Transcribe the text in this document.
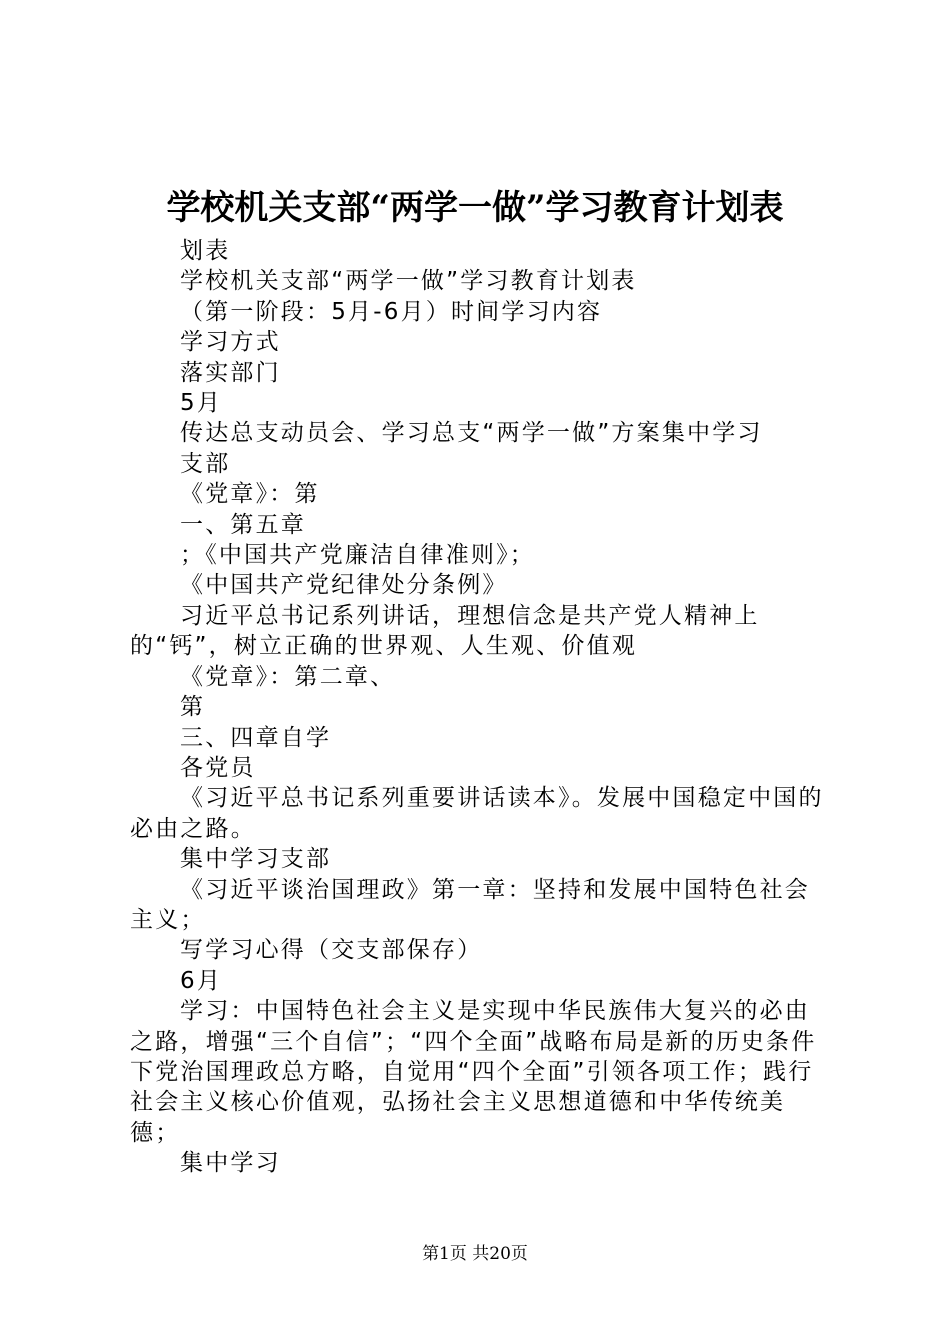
学校机关支部“两学一做”学习教育计划表

划表

学校机关支部“两学一做”学习教育计划表

（第一阶段：5月-6月）时间学习内容

学习方式

落实部门

5月

传达总支动员会、学习总支“两学一做”方案集中学习

支部

《党章》：第

一、第五章

；《中国共产党廉洁自律准则》；

《中国共产党纪律处分条例》

习近平总书记系列讲话，理想信念是共产党人精神上的“钙”，树立正确的世界观、人生观、价值观

《党章》：第二章、

第

三、四章自学

各党员

《习近平总书记系列重要讲话读本》。发展中国稳定中国的必由之路。

集中学习支部

《习近平谈治国理政》第一章：坚持和发展中国特色社会主义；

写学习心得（交支部保存）

6月

学习：中国特色社会主义是实现中华民族伟大复兴的必由之路，增强“三个自信”；“四个全面”战略布局是新的历史条件下党治国理政总方略，自觉用“四个全面”引领各项工作；践行社会主义核心价值观，弘扬社会主义思想道德和中华传统美德；

集中学习

第1页 共20页
